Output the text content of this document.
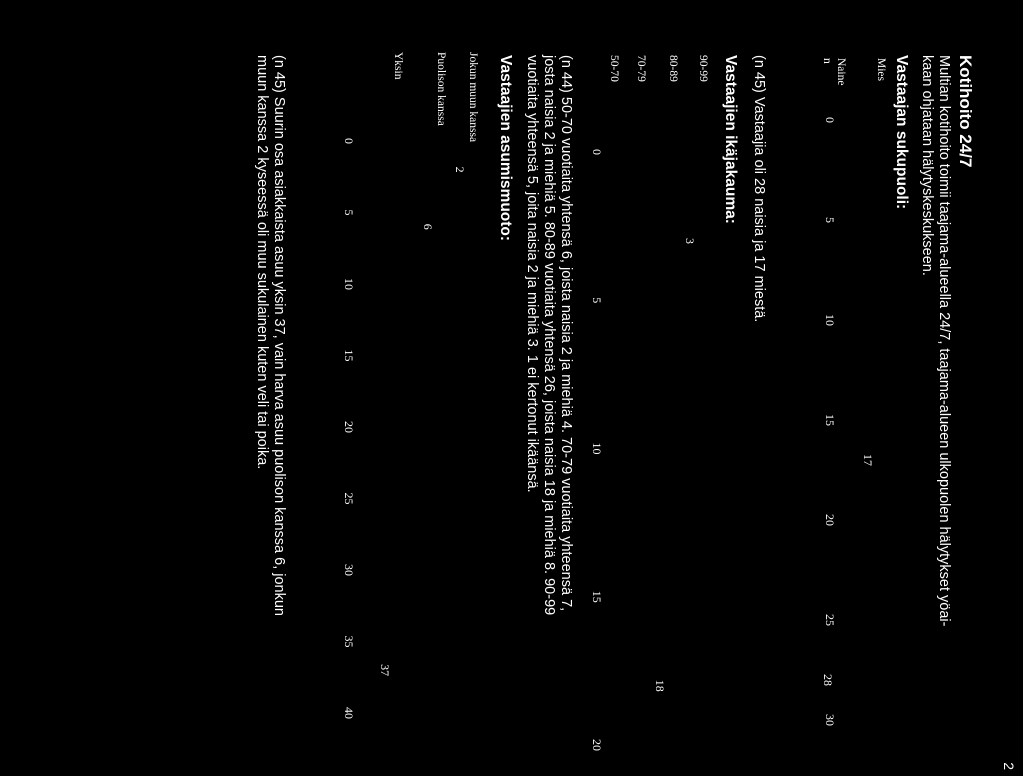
2
Kotihoito 24/7
Multian kotihoito toimii taajama-alueella 24/7, taajama-alueen ulkopuolen hälytykset yöai-
kaan ohjataan hälytyskeskukseen.
Vastaajan sukupuoli:
Mies
Naine
n
17
28
0
5
10
15
20
25
30
(n 45) Vastaajia oli 28 naisia ja 17 miestä.
Vastaajien ikäjakauma:
90-99
80-89
70-79
50-70
3
18
0
5
10
15
20
(n 44) 50-70 vuotiaita yhtensä 6, joista naisia 2 ja miehiä 4. 70-79 vuotiaita yhteensä 7,
josta naisia 2 ja miehiä 5. 80-89 vuotiaita yhtensä 26, joista naisia 18 ja miehiä 8. 90-99
vuotiaita yhteensä 5, joita naisia 2 ja miehiä 3. 1 ei kertonut ikäänsä.
Vastaajien asumismuoto:
Jokun muun kanssa
Puolison kanssa
Yksin
2
6
37
0
5
10
15
20
25
30
35
40
(n 45) Suurin osa asiakkaista asuu yksin 37, vain harva asuu puolison kanssa 6, jonkun
muun kanssa 2 kyseessä oli muu sukulainen kuten veli tai poika.
